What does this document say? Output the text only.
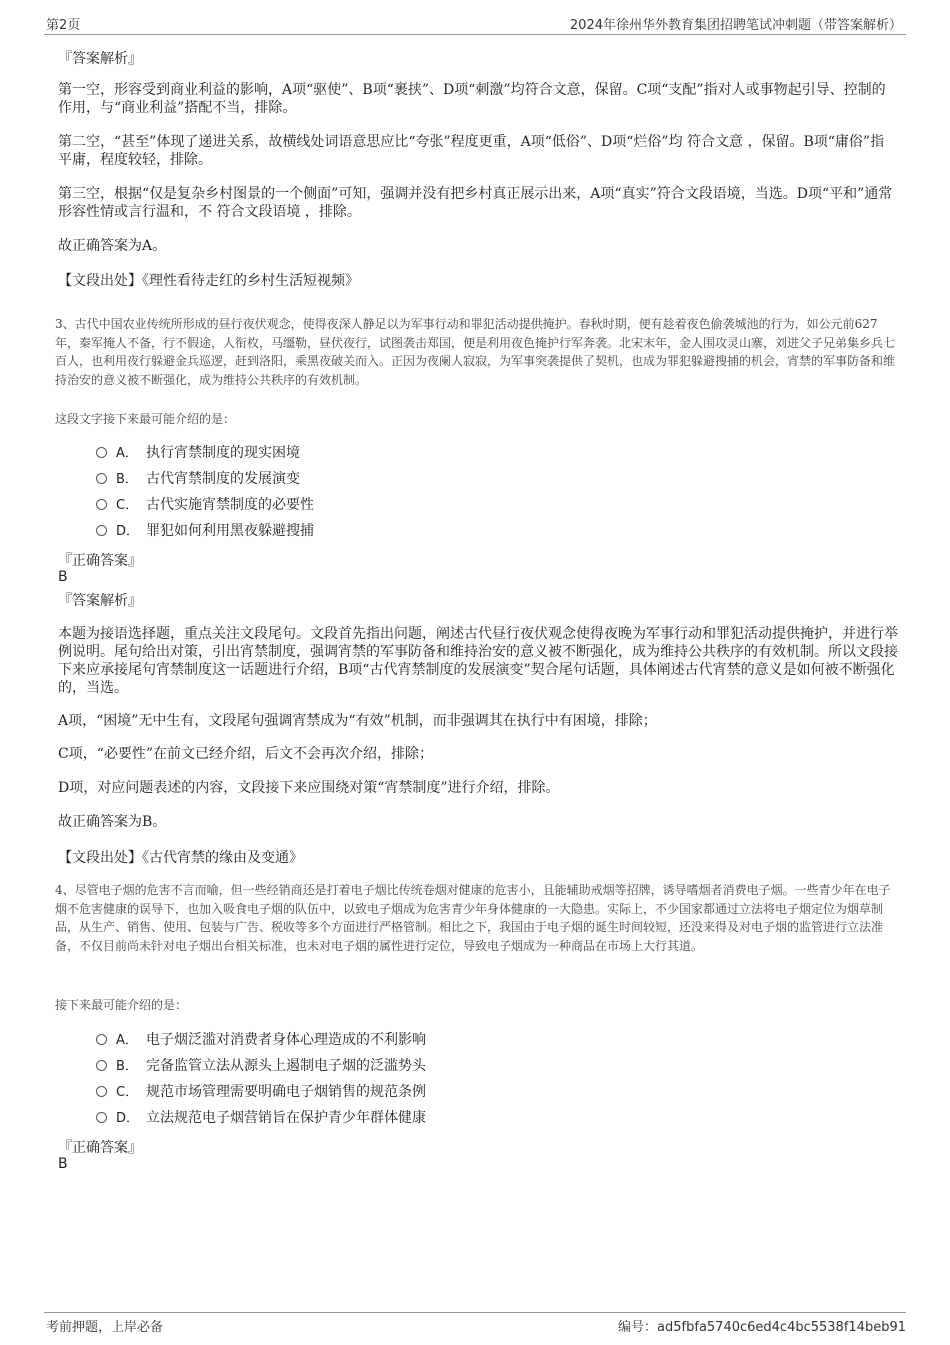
第2页	2024年徐州华外教育集团招聘笔试冲刺题（带答案解析）
『答案解析』
第一空，形容受到商业利益的影响，A项“驱使”、B项“裹挟”、D项“刺激”均符合文意，保留。C项“支配”指对人或事物起引导、控制的作用，与“商业利益”搭配不当，排除。
第二空，“甚至”体现了递进关系，故横线处词语意思应比“夸张”程度更重，A项“低俗”、D项“烂俗”均 符合文意 ，保留。B项“庸俗”指平庸，程度较轻，排除。
第三空，根据“仅是复杂乡村图景的一个侧面”可知，强调并没有把乡村真正展示出来，A项“真实”符合文段语境，当选。D项“平和”通常形容性情或言行温和，不 符合文段语境 ，排除。
故正确答案为A。
【文段出处】《理性看待走红的乡村生活短视频》
3、古代中国农业传统所形成的昼行夜伏观念，使得夜深人静足以为军事行动和罪犯活动提供掩护。春秋时期，便有趁着夜色偷袭城池的行为，如公元前627年，秦军掩人不备，行不假途，人衔枚，马缰勒，昼伏夜行，试图袭击郑国，便是利用夜色掩护行军奔袭。北宋末年，金人围攻灵山寨，刘进父子兄弟集乡兵七百人，也利用夜行躲避金兵巡逻，赶到洛阳，乘黑夜破关而入。正因为夜阑人寂寂，为军事突袭提供了契机，也成为罪犯躲避搜捕的机会，宵禁的军事防备和维持治安的意义被不断强化，成为维持公共秩序的有效机制。
这段文字接下来最可能介绍的是：
A． 执行宵禁制度的现实困境
B． 古代宵禁制度的发展演变
C． 古代实施宵禁制度的必要性
D． 罪犯如何利用黑夜躲避搜捕
『正确答案』
B
『答案解析』
本题为接语选择题，重点关注文段尾句。文段首先指出问题，阐述古代昼行夜伏观念使得夜晚为军事行动和罪犯活动提供掩护，并进行举例说明。尾句给出对策，引出宵禁制度，强调宵禁的军事防备和维持治安的意义被不断强化，成为维持公共秩序的有效机制。所以文段接下来应承接尾句宵禁制度这一话题进行介绍，B项“古代宵禁制度的发展演变”契合尾句话题，具体阐述古代宵禁的意义是如何被不断强化的，当选。
A项，“困境”无中生有，文段尾句强调宵禁成为“有效”机制，而非强调其在执行中有困境，排除；
C项，“必要性”在前文已经介绍，后文不会再次介绍，排除；
D项，对应问题表述的内容，文段接下来应围绕对策“宵禁制度”进行介绍，排除。
故正确答案为B。
【文段出处】《古代宵禁的缘由及变通》
4、尽管电子烟的危害不言而喻，但一些经销商还是打着电子烟比传统卷烟对健康的危害小，且能辅助戒烟等招牌，诱导嗜烟者消费电子烟。一些青少年在电子烟不危害健康的误导下，也加入吸食电子烟的队伍中，以致电子烟成为危害青少年身体健康的一大隐患。实际上，不少国家都通过立法将电子烟定位为烟草制品，从生产、销售、使用、包装与广告、税收等多个方面进行严格管制。相比之下，我国由于电子烟的诞生时间较短，还没来得及对电子烟的监管进行立法准备，不仅目前尚未针对电子烟出台相关标准，也未对电子烟的属性进行定位，导致电子烟成为一种商品在市场上大行其道。
接下来最可能介绍的是：
A． 电子烟泛滥对消费者身体心理造成的不利影响
B． 完备监管立法从源头上遏制电子烟的泛滥势头
C． 规范市场管理需要明确电子烟销售的规范条例
D． 立法规范电子烟营销旨在保护青少年群体健康
『正确答案』
B
考前押题，上岸必备	编号：ad5fbfa5740c6ed4c4bc5538f14beb91
